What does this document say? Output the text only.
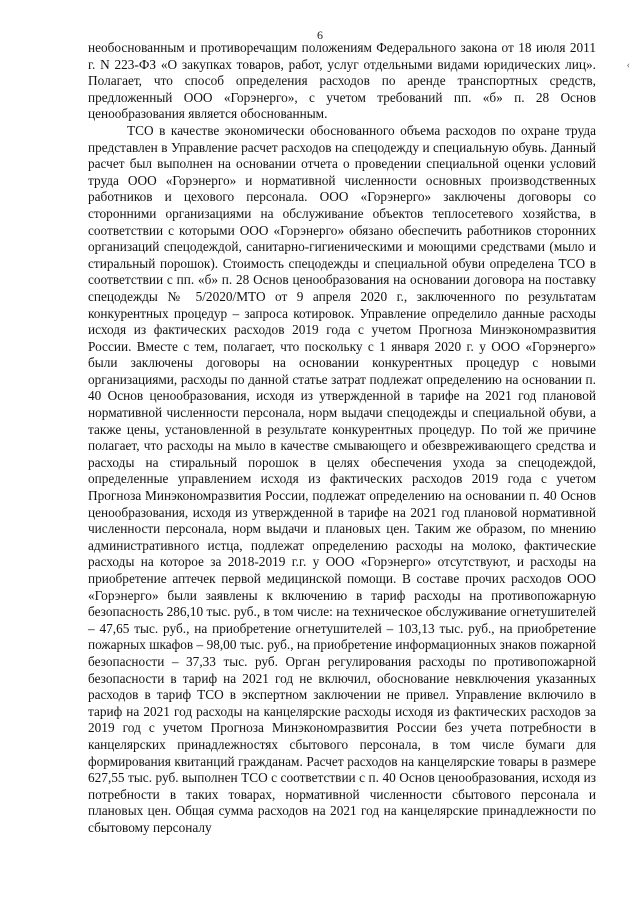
6
‹

необоснованным и противоречащим положениям Федерального закона от 18 июля 2011 г. N 223-ФЗ «О закупках товаров, работ, услуг отдельными видами юридических лиц». Полагает, что способ определения расходов по аренде транспортных средств, предложенный ООО «Горэнерго», с учетом требований пп. «б» п. 28 Основ ценообразования является обоснованным.

ТСО в качестве экономически обоснованного объема расходов по охране труда представлен в Управление расчет расходов на спецодежду и специальную обувь. Данный расчет был выполнен на основании отчета о проведении специальной оценки условий труда ООО «Горэнерго» и нормативной численности основных производственных работников и цехового персонала. ООО «Горэнерго» заключены договоры со сторонними организациями на обслуживание объектов теплосетевого хозяйства, в соответствии с которыми ООО «Горэнерго» обязано обеспечить работников сторонних организаций спецодеждой, санитарно-гигиеническими и моющими средствами (мыло и стиральный порошок). Стоимость спецодежды и специальной обуви определена ТСО в соответствии с пп. «б» п. 28 Основ ценообразования на основании договора на поставку спецодежды № 5/2020/МТО от 9 апреля 2020 г., заключенного по результатам конкурентных процедур – запроса котировок. Управление определило данные расходы исходя из фактических расходов 2019 года с учетом Прогноза Минэкономразвития России. Вместе с тем, полагает, что поскольку с 1 января 2020 г. у ООО «Горэнерго» были заключены договоры на основании конкурентных процедур с новыми организациями, расходы по данной статье затрат подлежат определению на основании п. 40 Основ ценообразования, исходя из утвержденной в тарифе на 2021 год плановой нормативной численности персонала, норм выдачи спецодежды и специальной обуви, а также цены, установленной в результате конкурентных процедур. По той же причине полагает, что расходы на мыло в качестве смывающего и обезвреживающего средства и расходы на стиральный порошок в целях обеспечения ухода за спецодеждой, определенные управлением исходя из фактических расходов 2019 года с учетом Прогноза Минэкономразвития России, подлежат определению на основании п. 40 Основ ценообразования, исходя из утвержденной в тарифе на 2021 год плановой нормативной численности персонала, норм выдачи и плановых цен. Таким же образом, по мнению административного истца, подлежат определению расходы на молоко, фактические расходы на которое за 2018-2019 г.г. у ООО «Горэнерго» отсутствуют, и расходы на приобретение аптечек первой медицинской помощи. В составе прочих расходов ООО «Горэнерго» были заявлены к включению в тариф расходы на противопожарную безопасность 286,10 тыс. руб., в том числе: на техническое обслуживание огнетушителей – 47,65 тыс. руб., на приобретение огнетушителей – 103,13 тыс. руб., на приобретение пожарных шкафов – 98,00 тыс. руб., на приобретение информационных знаков пожарной безопасности – 37,33 тыс. руб. Орган регулирования расходы по противопожарной безопасности в тариф на 2021 год не включил, обоснование невключения указанных расходов в тариф ТСО в экспертном заключении не привел. Управление включило в тариф на 2021 год расходы на канцелярские расходы исходя из фактических расходов за 2019 год с учетом Прогноза Минэкономразвития России без учета потребности в канцелярских принадлежностях сбытового персонала, в том числе бумаги для формирования квитанций гражданам. Расчет расходов на канцелярские товары в размере 627,55 тыс. руб. выполнен ТСО с соответствии с п. 40 Основ ценообразования, исходя из потребности в таких товарах, нормативной численности сбытового персонала и плановых цен. Общая сумма расходов на 2021 год на канцелярские принадлежности по сбытовому персоналу
